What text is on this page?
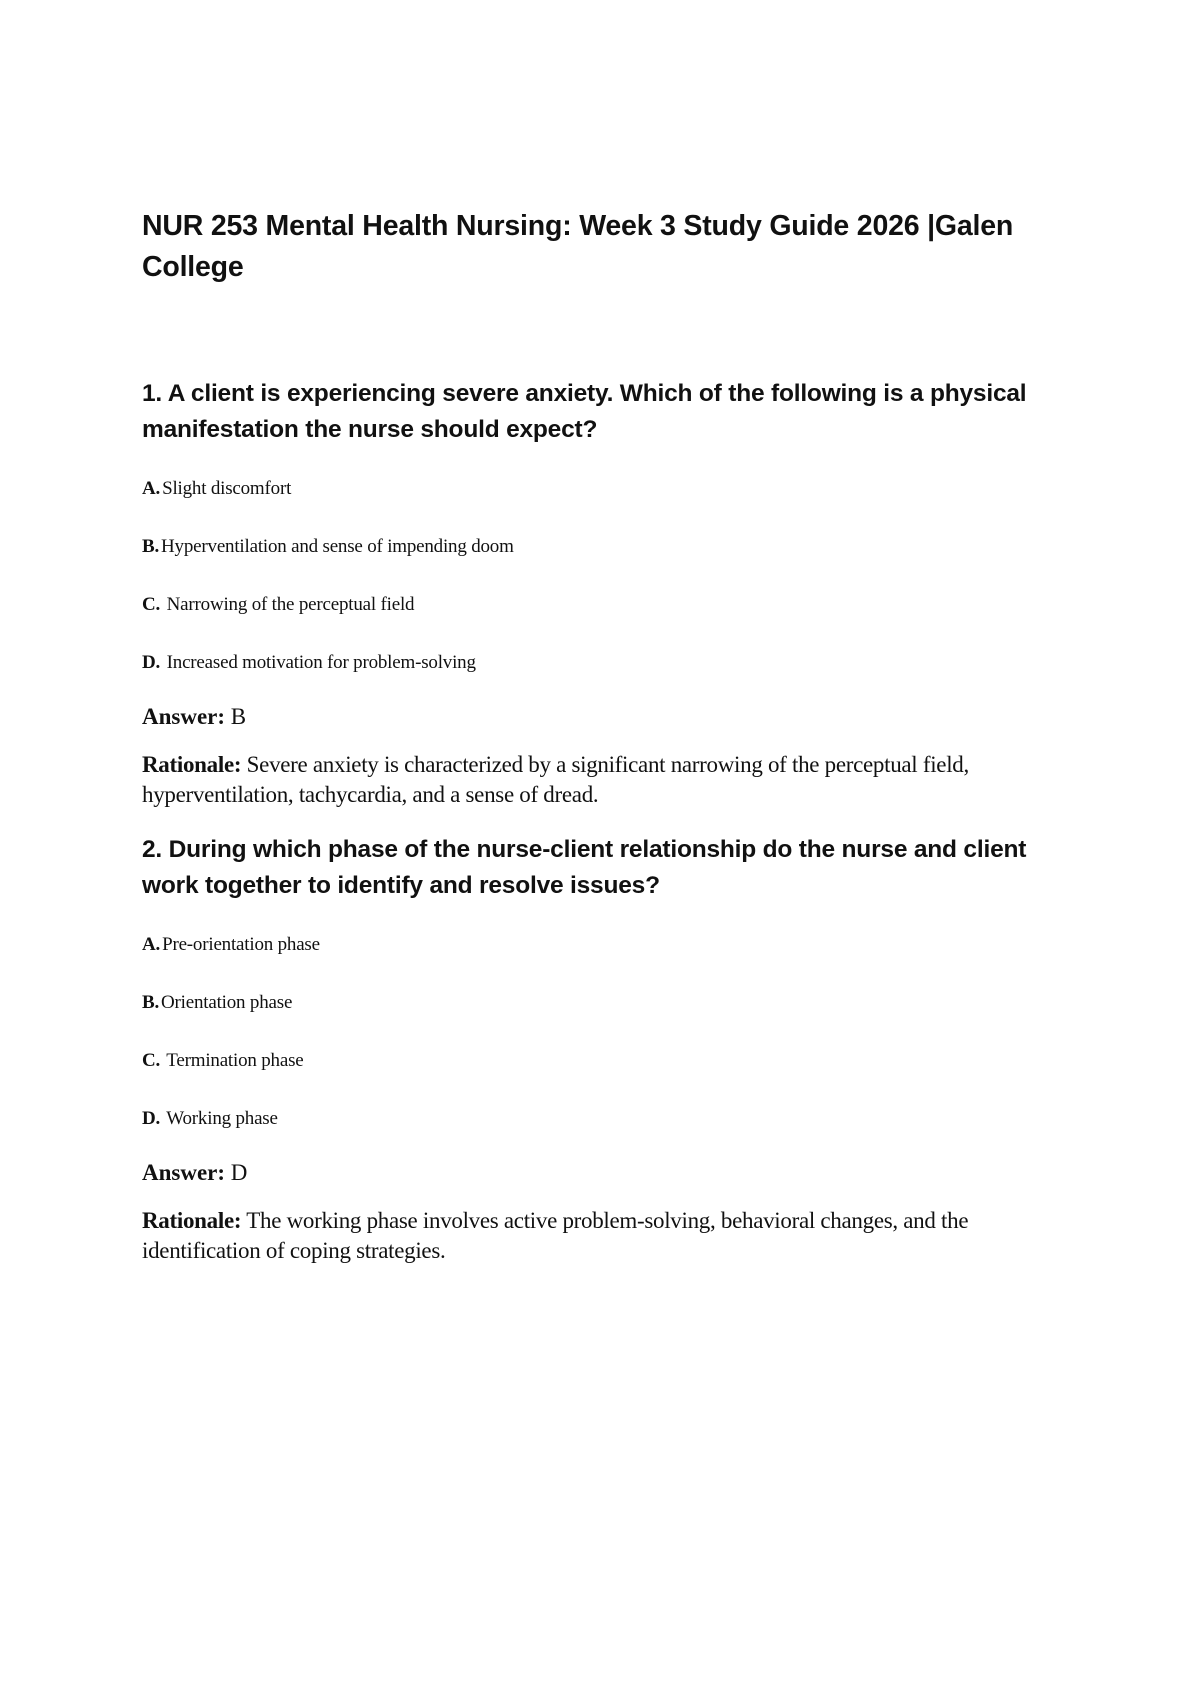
NUR 253 Mental Health Nursing: Week 3 Study Guide 2026 |Galen College
1. A client is experiencing severe anxiety. Which of the following is a physical manifestation the nurse should expect?
A. Slight discomfort
B. Hyperventilation and sense of impending doom
C. Narrowing of the perceptual field
D. Increased motivation for problem-solving

Answer: B

Rationale: Severe anxiety is characterized by a significant narrowing of the perceptual field, hyperventilation, tachycardia, and a sense of dread.

2. During which phase of the nurse-client relationship do the nurse and client work together to identify and resolve issues?
A. Pre-orientation phase
B. Orientation phase
C. Termination phase
D. Working phase

Answer: D

Rationale: The working phase involves active problem-solving, behavioral changes, and the identification of coping strategies.
